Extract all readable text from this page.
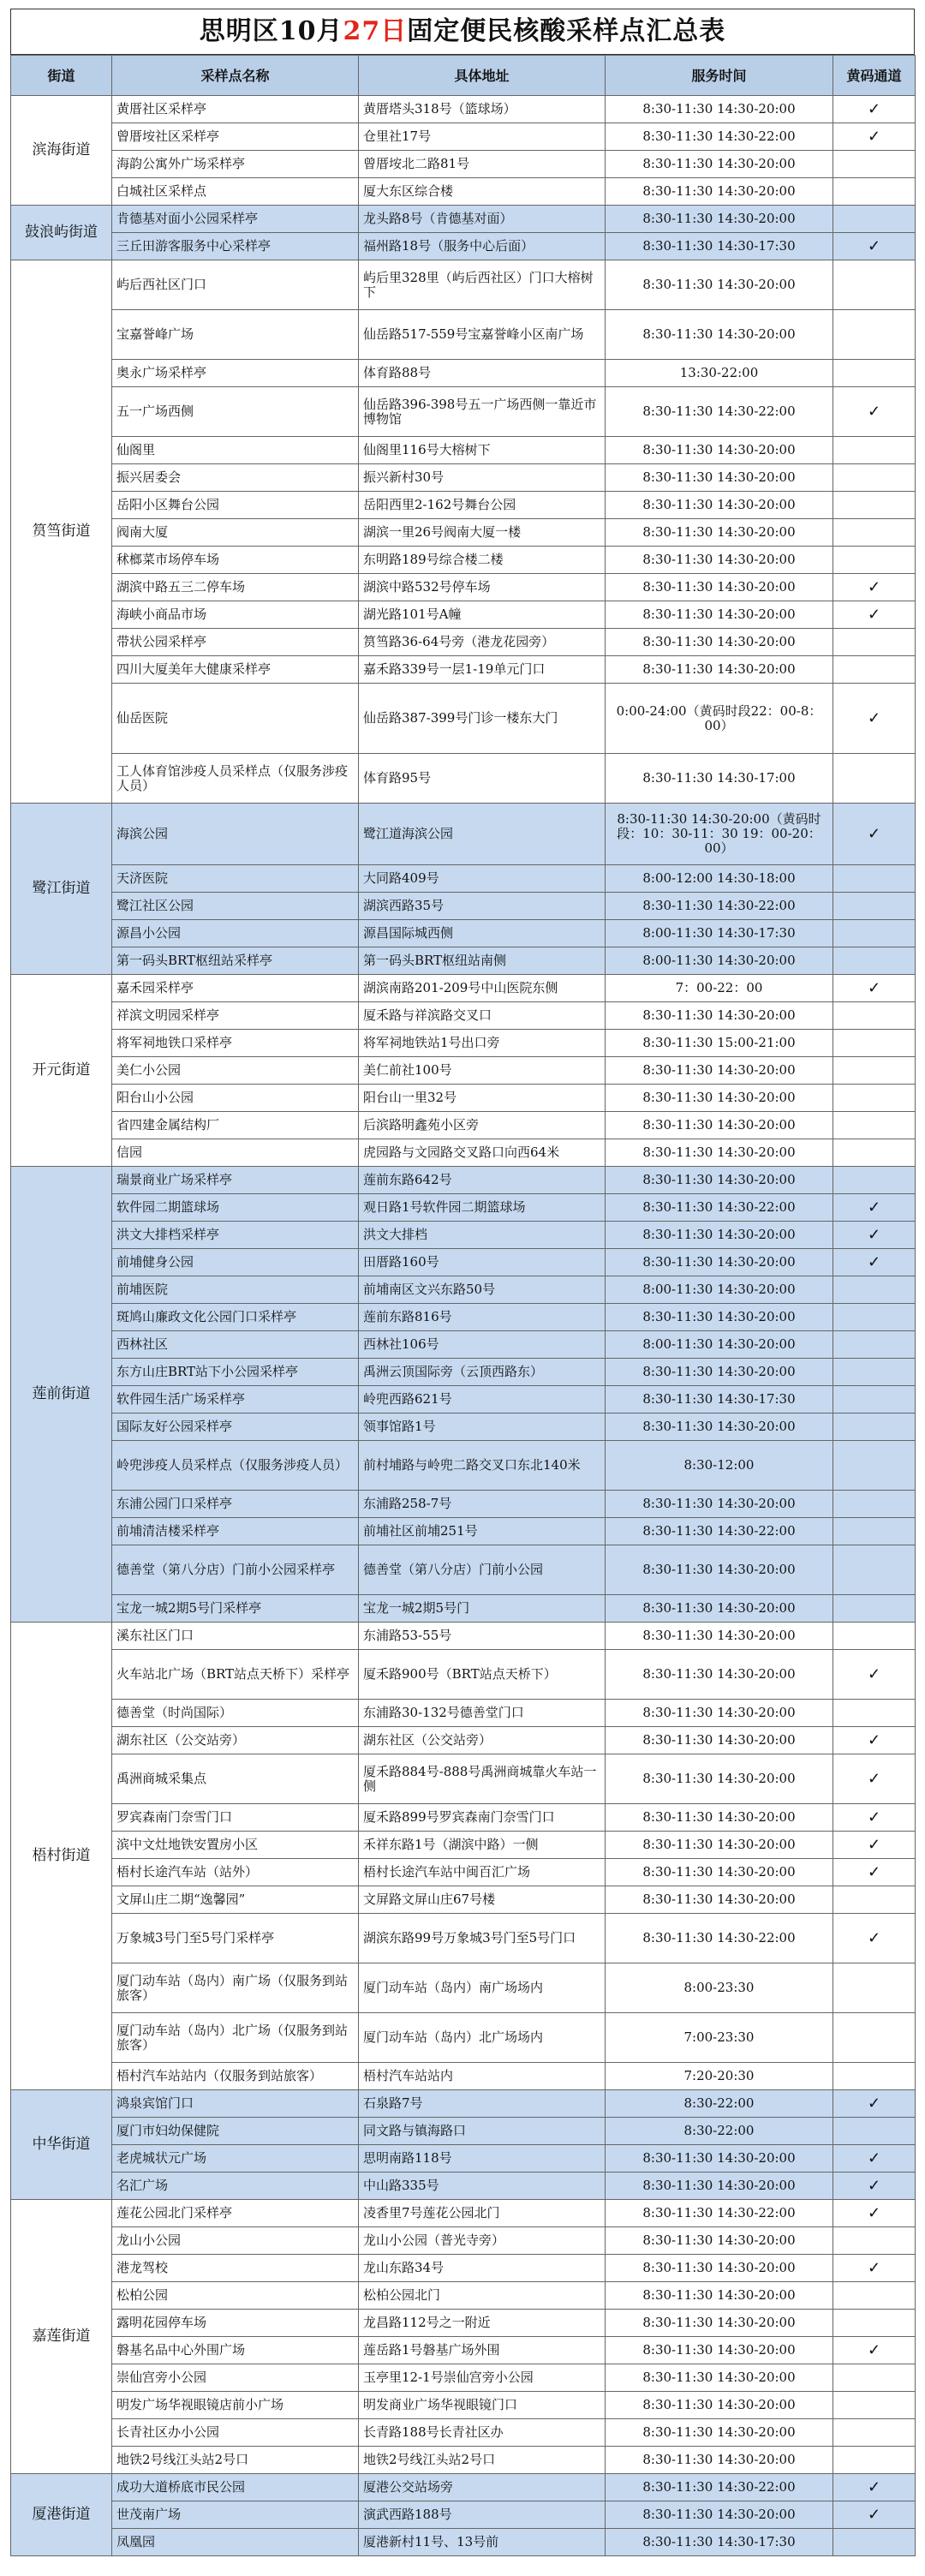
思明区10月27日固定便民核酸采样点汇总表
街道	采样点名称	具体地址	服务时间	黄码通道
滨海街道	黄厝社区采样亭	黄厝塔头318号（篮球场）	8:30-11:30 14:30-20:00	✓
	曾厝垵社区采样亭	仓里社17号	8:30-11:30 14:30-22:00	✓
	海韵公寓外广场采样亭	曾厝垵北二路81号	8:30-11:30 14:30-20:00	
	白城社区采样点	厦大东区综合楼	8:30-11:30 14:30-20:00	
鼓浪屿街道	肯德基对面小公园采样亭	龙头路8号（肯德基对面）	8:30-11:30 14:30-20:00	
	三丘田游客服务中心采样亭	福州路18号（服务中心后面）	8:30-11:30 14:30-17:30	✓
筼筜街道	屿后西社区门口	屿后里328里（屿后西社区）门口大榕树下	8:30-11:30 14:30-20:00	
	宝嘉誉峰广场	仙岳路517-559号宝嘉誉峰小区南广场	8:30-11:30 14:30-20:00	
	奥永广场采样亭	体育路88号	13:30-22:00	
	五一广场西侧	仙岳路396-398号五一广场西侧一靠近市博物馆	8:30-11:30 14:30-22:00	✓
	仙阁里	仙阁里116号大榕树下	8:30-11:30 14:30-20:00	
	振兴居委会	振兴新村30号	8:30-11:30 14:30-20:00	
	岳阳小区舞台公园	岳阳西里2-162号舞台公园	8:30-11:30 14:30-20:00	
	阀南大厦	湖滨一里26号阀南大厦一楼	8:30-11:30 14:30-20:00	
	秫榔菜市场停车场	东明路189号综合楼二楼	8:30-11:30 14:30-20:00	
	湖滨中路五三二停车场	湖滨中路532号停车场	8:30-11:30 14:30-20:00	✓
	海峡小商品市场	湖光路101号A幢	8:30-11:30 14:30-20:00	✓
	带状公园采样亭	筼筜路36-64号旁（港龙花园旁）	8:30-11:30 14:30-20:00	
	四川大厦美年大健康采样亭	嘉禾路339号一层1-19单元门口	8:30-11:30 14:30-20:00	
	仙岳医院	仙岳路387-399号门诊一楼东大门	0:00-24:00（黄码时段22：00-8：00）	✓
	工人体育馆涉疫人员采样点（仅服务涉疫人员）	体育路95号	8:30-11:30 14:30-17:00	
鹭江街道	海滨公园	鹭江道海滨公园	8:30-11:30 14:30-20:00（黄码时段：10：30-11：30 19：00-20：00）	✓
	天济医院	大同路409号	8:00-12:00 14:30-18:00	
	鹭江社区公园	湖滨西路35号	8:30-11:30 14:30-22:00	
	源昌小公园	源昌国际城西侧	8:00-11:30 14:30-17:30	
	第一码头BRT枢纽站采样亭	第一码头BRT枢纽站南侧	8:00-11:30 14:30-20:00	
开元街道	嘉禾园采样亭	湖滨南路201-209号中山医院东侧	7：00-22：00	✓
	祥滨文明园采样亭	厦禾路与祥滨路交叉口	8:30-11:30 14:30-20:00	
	将军祠地铁口采样亭	将军祠地铁站1号出口旁	8:30-11:30 15:00-21:00	
	美仁小公园	美仁前社100号	8:30-11:30 14:30-20:00	
	阳台山小公园	阳台山一里32号	8:30-11:30 14:30-20:00	
	省四建金属结构厂	后滨路明鑫苑小区旁	8:30-11:30 14:30-20:00	
	信园	虎园路与文园路交叉路口向西64米	8:30-11:30 14:30-20:00	
莲前街道	瑞景商业广场采样亭	莲前东路642号	8:30-11:30 14:30-20:00	
	软件园二期篮球场	观日路1号软件园二期篮球场	8:30-11:30 14:30-22:00	✓
	洪文大排档采样亭	洪文大排档	8:30-11:30 14:30-20:00	✓
	前埔健身公园	田厝路160号	8:30-11:30 14:30-20:00	✓
	前埔医院	前埔南区文兴东路50号	8:00-11:30 14:30-20:00	
	斑鸠山廉政文化公园门口采样亭	莲前东路816号	8:30-11:30 14:30-20:00	
	西林社区	西林社106号	8:00-11:30 14:30-20:00	
	东方山庄BRT站下小公园采样亭	禹洲云顶国际旁（云顶西路东）	8:30-11:30 14:30-20:00	
	软件园生活广场采样亭	岭兜西路621号	8:30-11:30 14:30-17:30	
	国际友好公园采样亭	领事馆路1号	8:30-11:30 14:30-20:00	
	岭兜涉疫人员采样点（仅服务涉疫人员）	前村埔路与岭兜二路交叉口东北140米	8:30-12:00	
	东浦公园门口采样亭	东浦路258-7号	8:30-11:30 14:30-20:00	
	前埔清洁楼采样亭	前埔社区前埔251号	8:30-11:30 14:30-22:00	
	德善堂（第八分店）门前小公园采样亭	德善堂（第八分店）门前小公园	8:30-11:30 14:30-20:00	
	宝龙一城2期5号门采样亭	宝龙一城2期5号门	8:30-11:30 14:30-20:00	
梧村街道	溪东社区门口	东浦路53-55号	8:30-11:30 14:30-20:00	
	火车站北广场（BRT站点天桥下）采样亭	厦禾路900号（BRT站点天桥下）	8:30-11:30 14:30-20:00	✓
	德善堂（时尚国际）	东浦路30-132号德善堂门口	8:30-11:30 14:30-20:00	
	湖东社区（公交站旁）	湖东社区（公交站旁）	8:30-11:30 14:30-20:00	✓
	禹洲商城采集点	厦禾路884号-888号禹洲商城靠火车站一侧	8:30-11:30 14:30-20:00	✓
	罗宾森南门奈雪门口	厦禾路899号罗宾森南门奈雪门口	8:30-11:30 14:30-20:00	✓
	滨中文灶地铁安置房小区	禾祥东路1号（湖滨中路）一侧	8:30-11:30 14:30-20:00	✓
	梧村长途汽车站（站外）	梧村长途汽车站中闽百汇广场	8:30-11:30 14:30-20:00	✓
	文屏山庄二期“逸馨园”	文屏路文屏山庄67号楼	8:30-11:30 14:30-20:00	
	万象城3号门至5号门采样亭	湖滨东路99号万象城3号门至5号门口	8:30-11:30 14:30-22:00	✓
	厦门动车站（岛内）南广场（仅服务到站旅客）	厦门动车站（岛内）南广场场内	8:00-23:30	
	厦门动车站（岛内）北广场（仅服务到站旅客）	厦门动车站（岛内）北广场场内	7:00-23:30	
	梧村汽车站站内（仅服务到站旅客）	梧村汽车站站内	7:20-20:30	
中华街道	鸿泉宾馆门口	石泉路7号	8:30-22:00	✓
	厦门市妇幼保健院	同文路与镇海路口	8:30-22:00	
	老虎城状元广场	思明南路118号	8:30-11:30 14:30-20:00	✓
	名汇广场	中山路335号	8:30-11:30 14:30-20:00	✓
嘉莲街道	莲花公园北门采样亭	凌香里7号莲花公园北门	8:30-11:30 14:30-22:00	✓
	龙山小公园	龙山小公园（普光寺旁）	8:30-11:30 14:30-20:00	
	港龙驾校	龙山东路34号	8:30-11:30 14:30-20:00	✓
	松柏公园	松柏公园北门	8:30-11:30 14:30-20:00	
	露明花园停车场	龙昌路112号之一附近	8:30-11:30 14:30-20:00	
	磐基名品中心外围广场	莲岳路1号磐基广场外围	8:30-11:30 14:30-20:00	✓
	崇仙宫旁小公园	玉亭里12-1号崇仙宫旁小公园	8:30-11:30 14:30-20:00	
	明发广场华视眼镜店前小广场	明发商业广场华视眼镜门口	8:30-11:30 14:30-20:00	
	长青社区办小公园	长青路188号长青社区办	8:30-11:30 14:30-20:00	
	地铁2号线江头站2号口	地铁2号线江头站2号口	8:30-11:30 14:30-20:00	
厦港街道	成功大道桥底市民公园	厦港公交站场旁	8:30-11:30 14:30-22:00	✓
	世茂南广场	演武西路188号	8:30-11:30 14:30-20:00	✓
	凤凰园	厦港新村11号、13号前	8:30-11:30 14:30-17:30	
